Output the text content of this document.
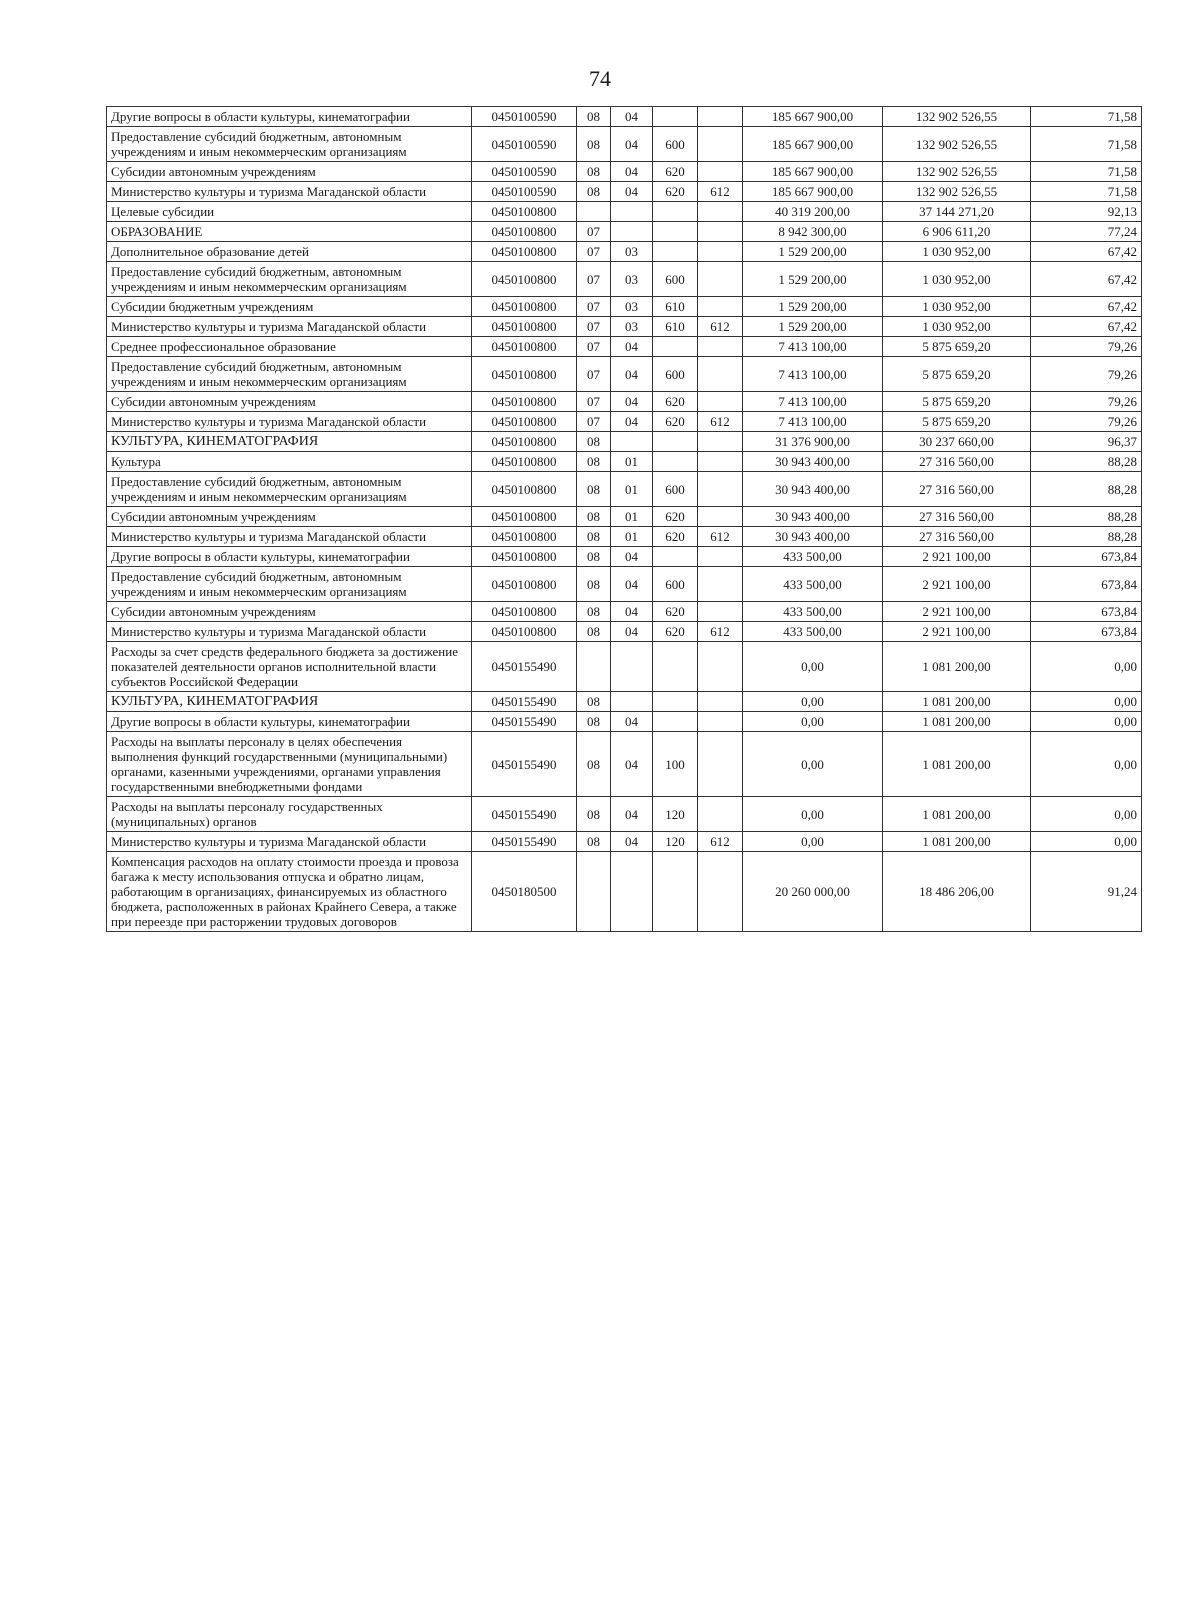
74
Другие вопросы в области культуры, кинематографии	0450100590	08	04			185 667 900,00	132 902 526,55	71,58
Предоставление субсидий бюджетным, автономным учреждениям и иным некоммерческим организациям	0450100590	08	04	600		185 667 900,00	132 902 526,55	71,58
Субсидии автономным учреждениям	0450100590	08	04	620		185 667 900,00	132 902 526,55	71,58
Министерство культуры и туризма Магаданской области	0450100590	08	04	620	612	185 667 900,00	132 902 526,55	71,58
Целевые субсидии	0450100800					40 319 200,00	37 144 271,20	92,13
ОБРАЗОВАНИЕ	0450100800	07				8 942 300,00	6 906 611,20	77,24
Дополнительное образование детей	0450100800	07	03			1 529 200,00	1 030 952,00	67,42
Предоставление субсидий бюджетным, автономным учреждениям и иным некоммерческим организациям	0450100800	07	03	600		1 529 200,00	1 030 952,00	67,42
Субсидии бюджетным учреждениям	0450100800	07	03	610		1 529 200,00	1 030 952,00	67,42
Министерство культуры и туризма Магаданской области	0450100800	07	03	610	612	1 529 200,00	1 030 952,00	67,42
Среднее профессиональное образование	0450100800	07	04			7 413 100,00	5 875 659,20	79,26
Предоставление субсидий бюджетным, автономным учреждениям и иным некоммерческим организациям	0450100800	07	04	600		7 413 100,00	5 875 659,20	79,26
Субсидии автономным учреждениям	0450100800	07	04	620		7 413 100,00	5 875 659,20	79,26
Министерство культуры и туризма Магаданской области	0450100800	07	04	620	612	7 413 100,00	5 875 659,20	79,26
КУЛЬТУРА, КИНЕМАТОГРАФИЯ	0450100800	08				31 376 900,00	30 237 660,00	96,37
Культура	0450100800	08	01			30 943 400,00	27 316 560,00	88,28
Предоставление субсидий бюджетным, автономным учреждениям и иным некоммерческим организациям	0450100800	08	01	600		30 943 400,00	27 316 560,00	88,28
Субсидии автономным учреждениям	0450100800	08	01	620		30 943 400,00	27 316 560,00	88,28
Министерство культуры и туризма Магаданской области	0450100800	08	01	620	612	30 943 400,00	27 316 560,00	88,28
Другие вопросы в области культуры, кинематографии	0450100800	08	04			433 500,00	2 921 100,00	673,84
Предоставление субсидий бюджетным, автономным учреждениям и иным некоммерческим организациям	0450100800	08	04	600		433 500,00	2 921 100,00	673,84
Субсидии автономным учреждениям	0450100800	08	04	620		433 500,00	2 921 100,00	673,84
Министерство культуры и туризма Магаданской области	0450100800	08	04	620	612	433 500,00	2 921 100,00	673,84
Расходы за счет средств федерального бюджета за достижение показателей деятельности органов исполнительной власти субъектов Российской Федерации	0450155490					0,00	1 081 200,00	0,00
КУЛЬТУРА, КИНЕМАТОГРАФИЯ	0450155490	08				0,00	1 081 200,00	0,00
Другие вопросы в области культуры, кинематографии	0450155490	08	04			0,00	1 081 200,00	0,00
Расходы на выплаты персоналу в целях обеспечения выполнения функций государственными (муниципальными) органами, казенными учреждениями, органами управления государственными внебюджетными фондами	0450155490	08	04	100		0,00	1 081 200,00	0,00
Расходы на выплаты персоналу государственных (муниципальных) органов	0450155490	08	04	120		0,00	1 081 200,00	0,00
Министерство культуры и туризма Магаданской области	0450155490	08	04	120	612	0,00	1 081 200,00	0,00
Компенсация расходов на оплату стоимости проезда и провоза багажа к месту использования отпуска и обратно лицам, работающим в организациях, финансируемых из областного бюджета, расположенных в районах Крайнего Севера, а также при переезде при расторжении трудовых договоров	0450180500					20 260 000,00	18 486 206,00	91,24
